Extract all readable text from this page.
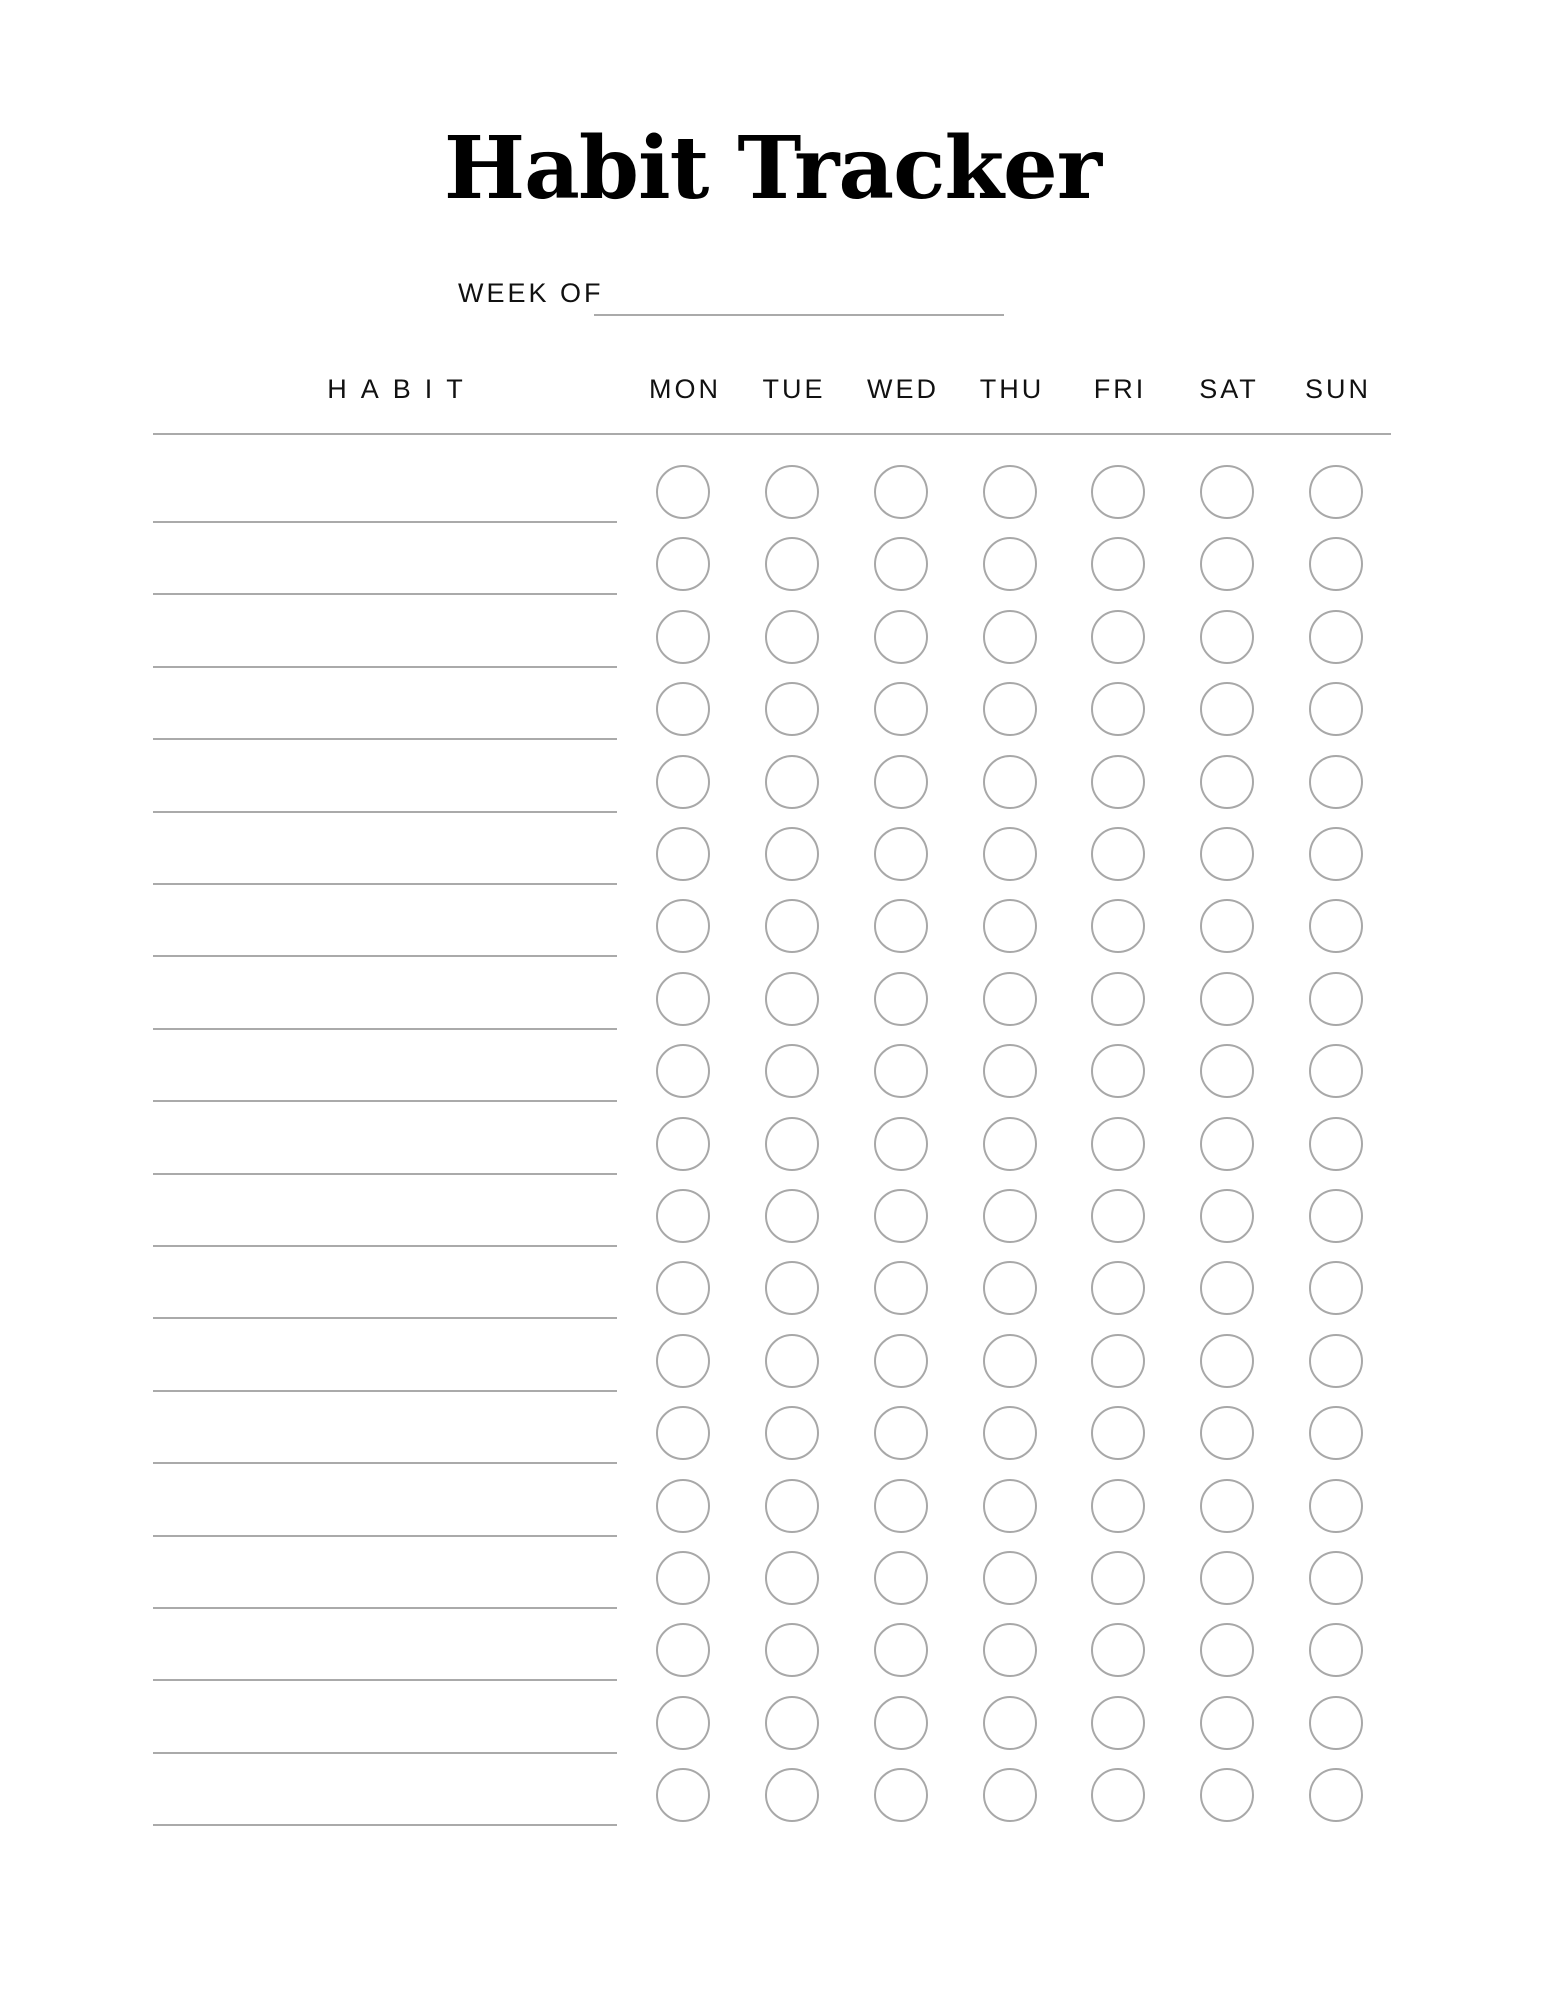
Habit Tracker
WEEK OF
HABIT	MON TUE WED THU FRI SAT SUN
